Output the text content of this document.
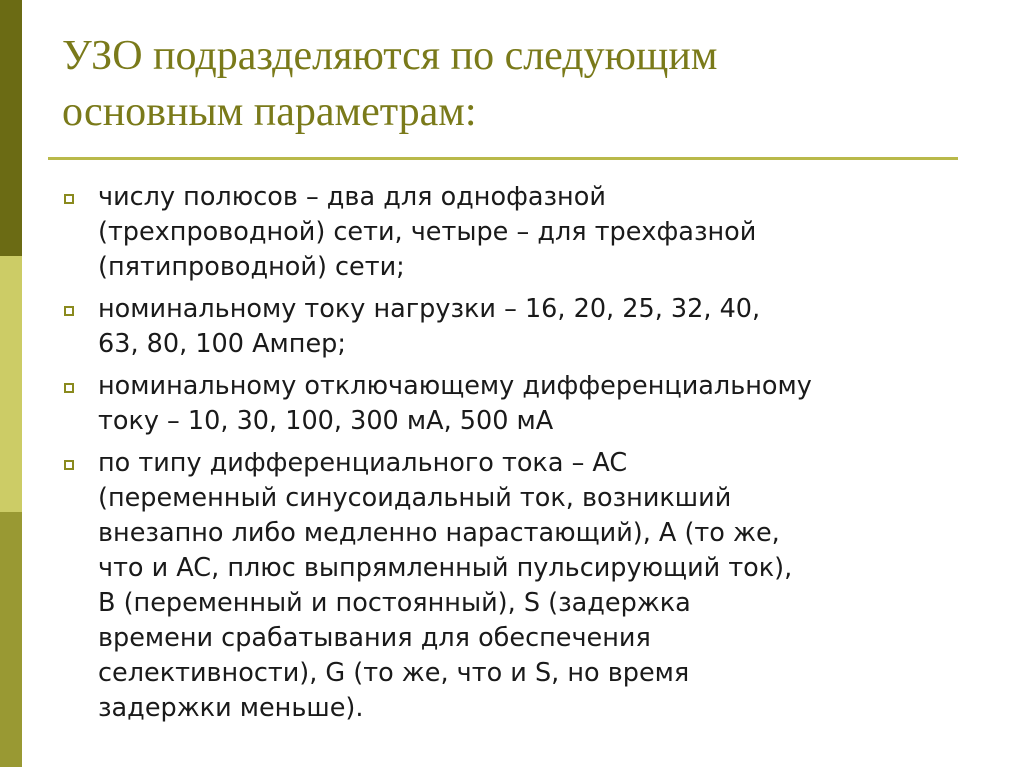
УЗО подразделяются по следующим
основным параметрам:
числу полюсов – два для однофазной
(трехпроводной) сети, четыре – для трехфазной
(пятипроводной) сети;
номинальному току нагрузки – 16, 20, 25, 32, 40,
63, 80, 100 Ампер;
номинальному отключающему дифференциальному
току – 10, 30, 100, 300 мА, 500 мА
по типу дифференциального тока – AC
(переменный синусоидальный ток, возникший
внезапно либо медленно нарастающий), A (то же,
что и AC, плюс выпрямленный пульсирующий ток),
B (переменный и постоянный), S (задержка
времени срабатывания для обеспечения
селективности), G (то же, что и S, но время
задержки меньше).
